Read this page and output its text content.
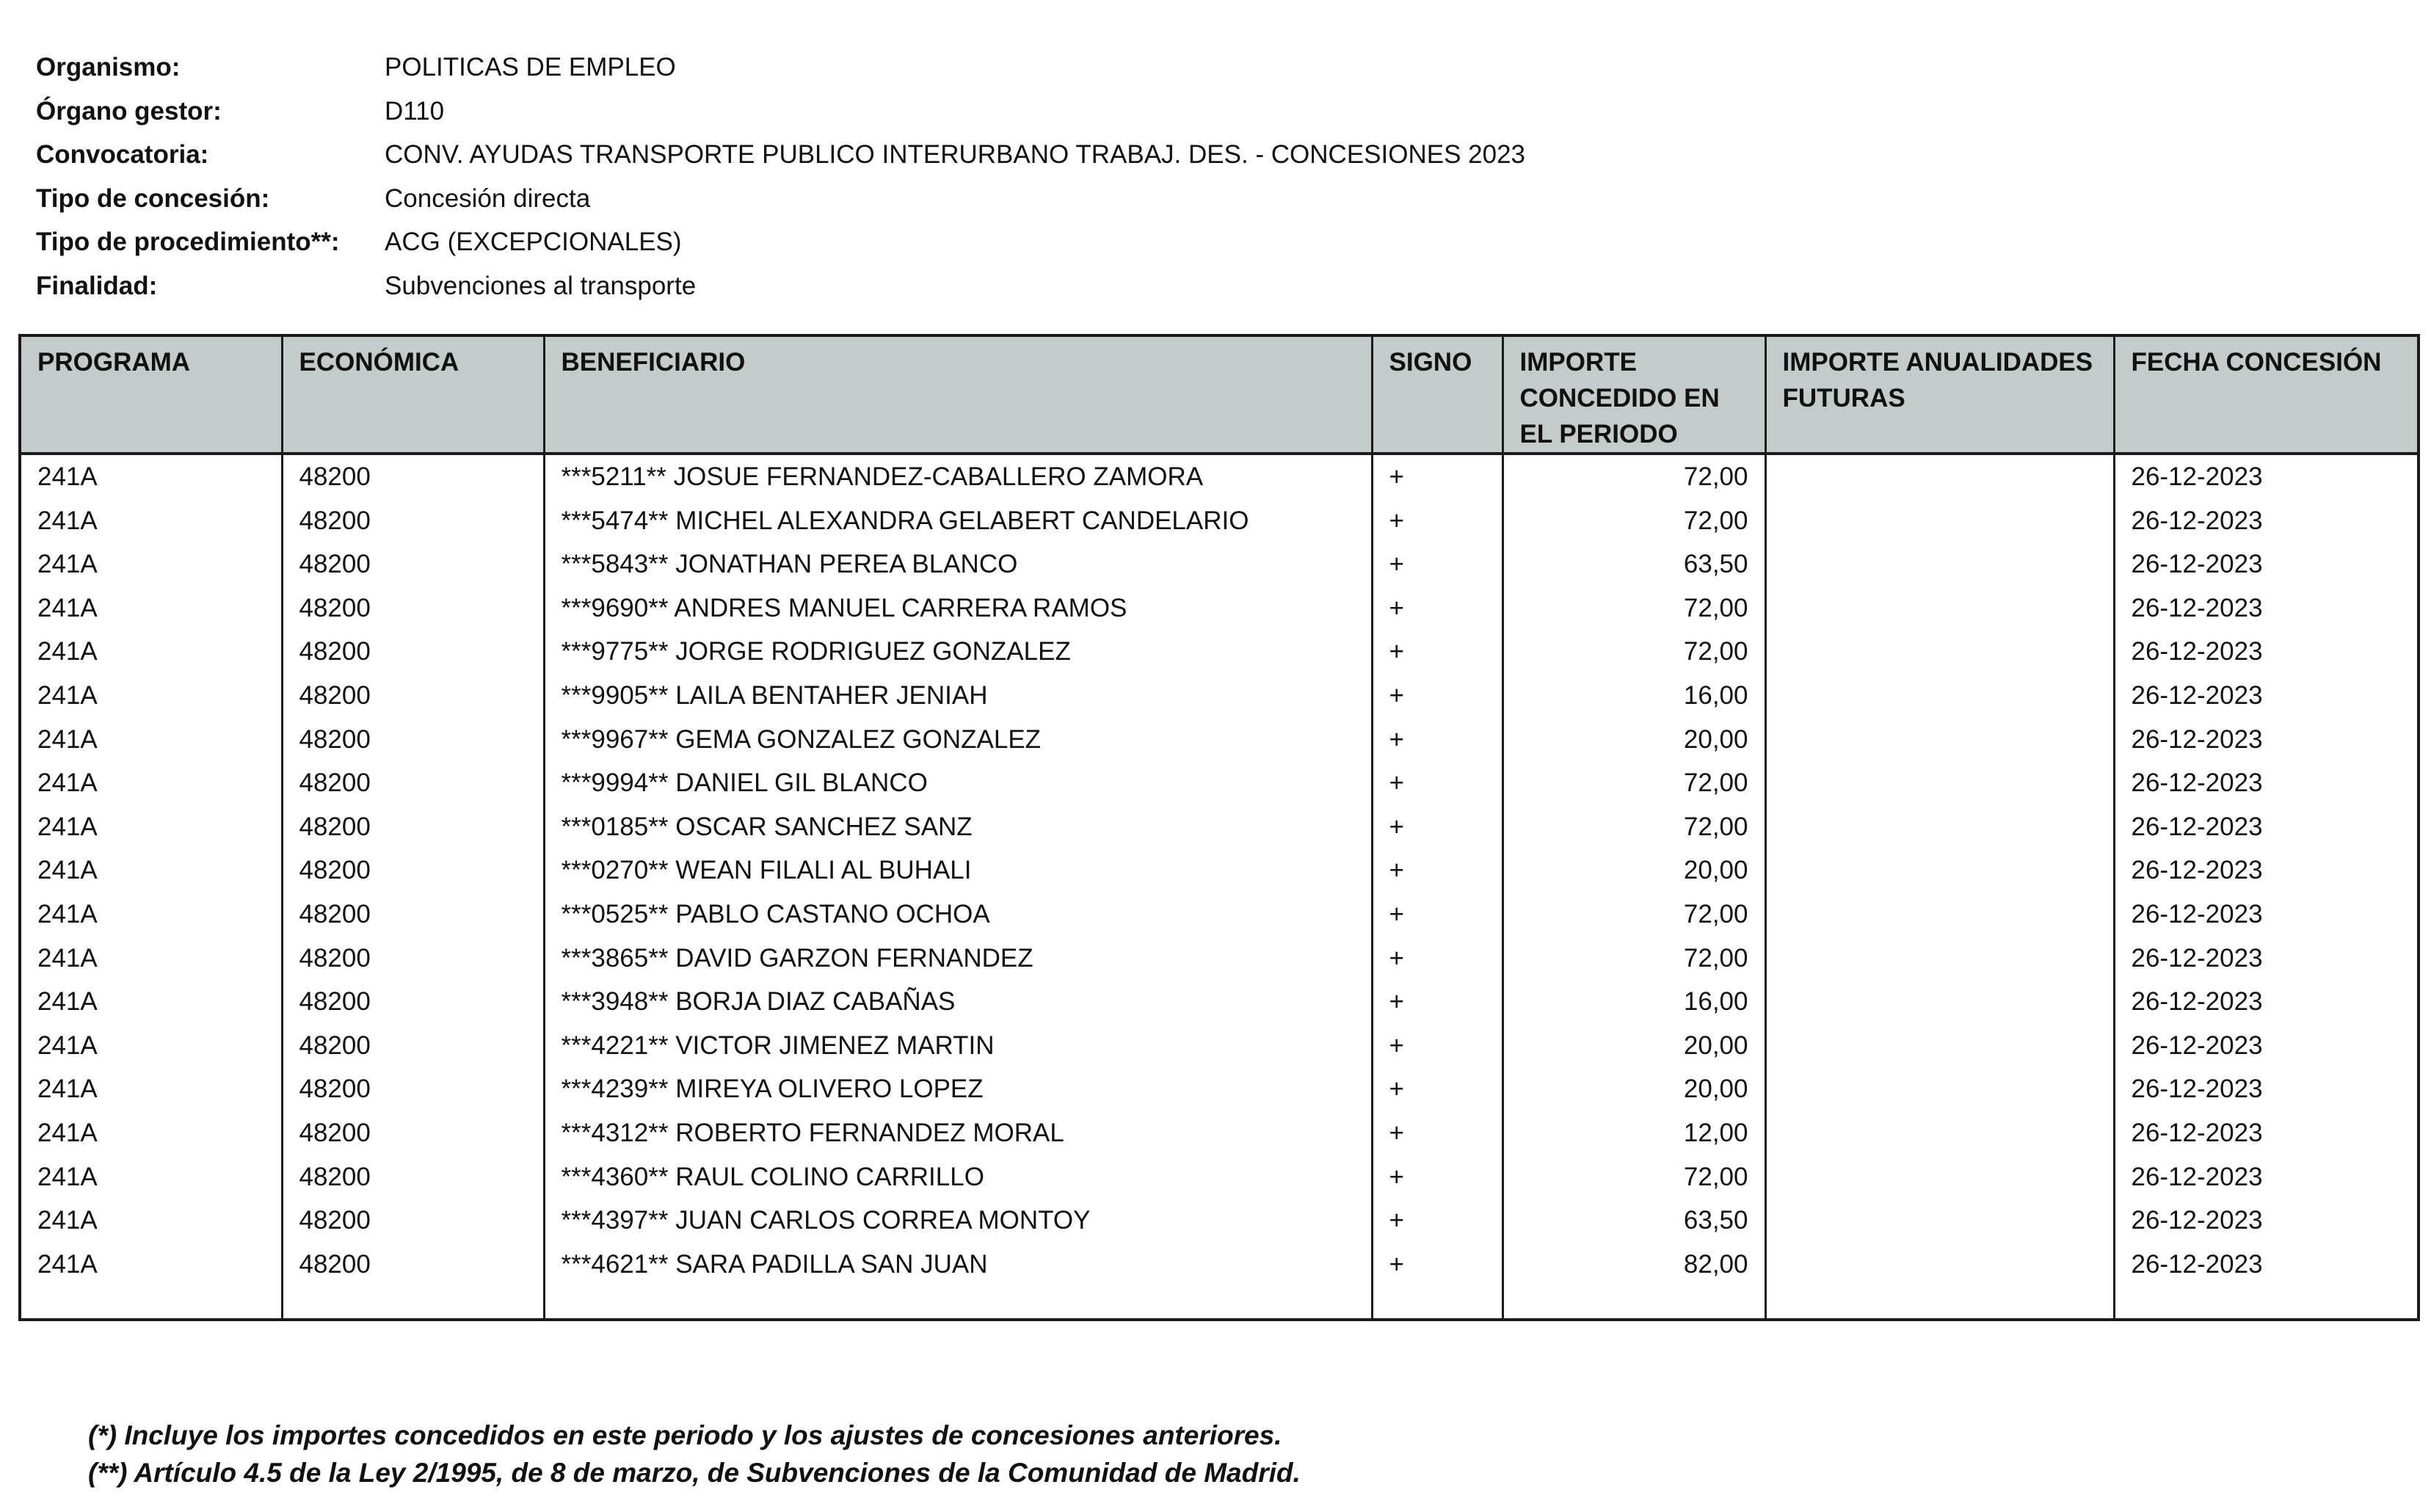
Organismo:	POLITICAS DE EMPLEO
Órgano gestor:	D110
Convocatoria:	CONV. AYUDAS TRANSPORTE PUBLICO INTERURBANO TRABAJ. DES. - CONCESIONES 2023
Tipo de concesión:	Concesión directa
Tipo de procedimiento**:	ACG (EXCEPCIONALES)
Finalidad:	Subvenciones al transporte
PROGRAMA	ECONÓMICA	BENEFICIARIO	SIGNO	IMPORTE CONCEDIDO EN EL PERIODO	IMPORTE ANUALIDADES FUTURAS	FECHA CONCESIÓN
241A	48200	***5211** JOSUE FERNANDEZ-CABALLERO ZAMORA	+	72,00		26-12-2023
241A	48200	***5474** MICHEL ALEXANDRA GELABERT CANDELARIO	+	72,00		26-12-2023
241A	48200	***5843** JONATHAN PEREA BLANCO	+	63,50		26-12-2023
241A	48200	***9690** ANDRES MANUEL CARRERA RAMOS	+	72,00		26-12-2023
241A	48200	***9775** JORGE RODRIGUEZ GONZALEZ	+	72,00		26-12-2023
241A	48200	***9905** LAILA BENTAHER JENIAH	+	16,00		26-12-2023
241A	48200	***9967** GEMA GONZALEZ GONZALEZ	+	20,00		26-12-2023
241A	48200	***9994** DANIEL GIL BLANCO	+	72,00		26-12-2023
241A	48200	***0185** OSCAR SANCHEZ SANZ	+	72,00		26-12-2023
241A	48200	***0270** WEAN FILALI AL BUHALI	+	20,00		26-12-2023
241A	48200	***0525** PABLO CASTANO OCHOA	+	72,00		26-12-2023
241A	48200	***3865** DAVID GARZON FERNANDEZ	+	72,00		26-12-2023
241A	48200	***3948** BORJA DIAZ CABAÑAS	+	16,00		26-12-2023
241A	48200	***4221** VICTOR JIMENEZ MARTIN	+	20,00		26-12-2023
241A	48200	***4239** MIREYA OLIVERO LOPEZ	+	20,00		26-12-2023
241A	48200	***4312** ROBERTO FERNANDEZ MORAL	+	12,00		26-12-2023
241A	48200	***4360** RAUL COLINO CARRILLO	+	72,00		26-12-2023
241A	48200	***4397** JUAN CARLOS CORREA MONTOY	+	63,50		26-12-2023
241A	48200	***4621** SARA PADILLA SAN JUAN	+	82,00		26-12-2023

(*) Incluye los importes concedidos en este periodo y los ajustes de concesiones anteriores.
(**) Artículo 4.5 de la Ley 2/1995, de 8 de marzo, de Subvenciones de la Comunidad de Madrid.
